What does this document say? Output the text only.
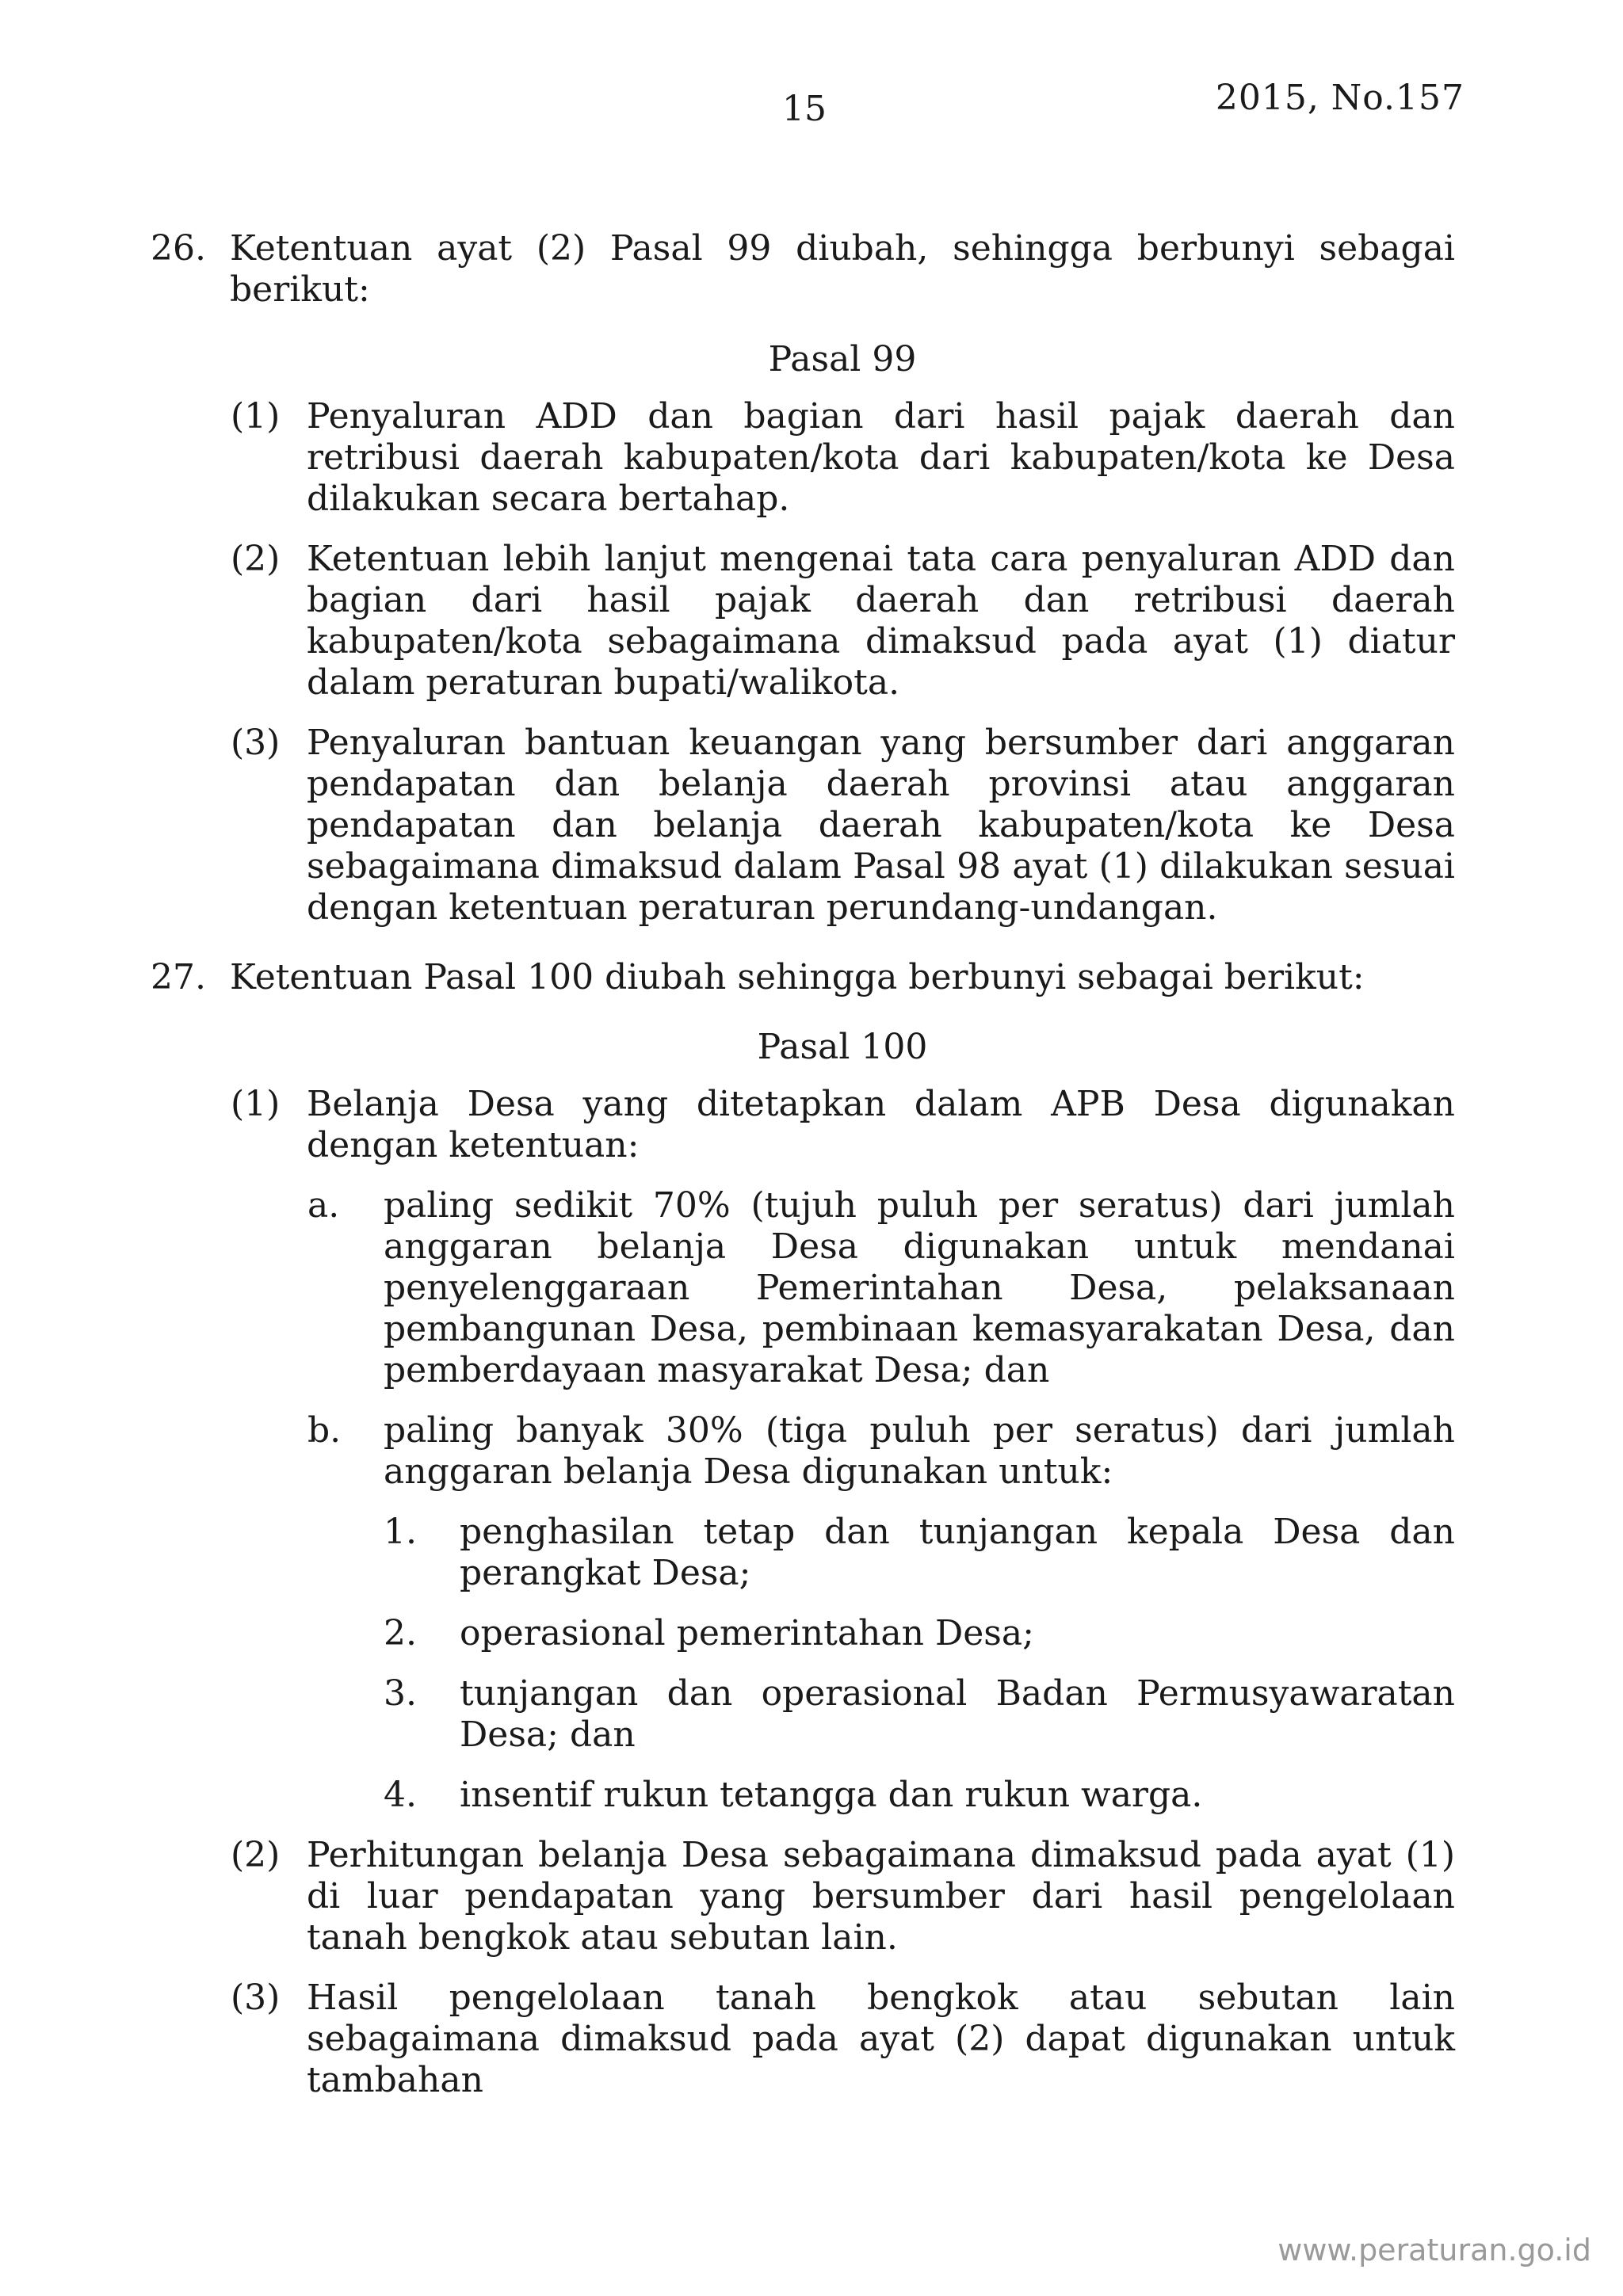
15	2015, No.157
26. Ketentuan ayat (2) Pasal 99 diubah, sehingga berbunyi sebagai berikut:
Pasal 99
(1) Penyaluran ADD dan bagian dari hasil pajak daerah dan retribusi daerah kabupaten/kota dari kabupaten/kota ke Desa dilakukan secara bertahap.
(2) Ketentuan lebih lanjut mengenai tata cara penyaluran ADD dan bagian dari hasil pajak daerah dan retribusi daerah kabupaten/kota sebagaimana dimaksud pada ayat (1) diatur dalam peraturan bupati/walikota.
(3) Penyaluran bantuan keuangan yang bersumber dari anggaran pendapatan dan belanja daerah provinsi atau anggaran pendapatan dan belanja daerah kabupaten/kota ke Desa sebagaimana dimaksud dalam Pasal 98 ayat (1) dilakukan sesuai dengan ketentuan peraturan perundang-undangan.
27. Ketentuan Pasal 100 diubah sehingga berbunyi sebagai berikut:
Pasal 100
(1) Belanja Desa yang ditetapkan dalam APB Desa digunakan dengan ketentuan:
a. paling sedikit 70% (tujuh puluh per seratus) dari jumlah anggaran belanja Desa digunakan untuk mendanai penyelenggaraan Pemerintahan Desa, pelaksanaan pembangunan Desa, pembinaan kemasyarakatan Desa, dan pemberdayaan masyarakat Desa; dan
b. paling banyak 30% (tiga puluh per seratus) dari jumlah anggaran belanja Desa digunakan untuk:
1. penghasilan tetap dan tunjangan kepala Desa dan perangkat Desa;
2. operasional pemerintahan Desa;
3. tunjangan dan operasional Badan Permusyawaratan Desa; dan
4. insentif rukun tetangga dan rukun warga.
(2) Perhitungan belanja Desa sebagaimana dimaksud pada ayat (1) di luar pendapatan yang bersumber dari hasil pengelolaan tanah bengkok atau sebutan lain.
(3) Hasil pengelolaan tanah bengkok atau sebutan lain sebagaimana dimaksud pada ayat (2) dapat digunakan untuk tambahan
www.peraturan.go.id
